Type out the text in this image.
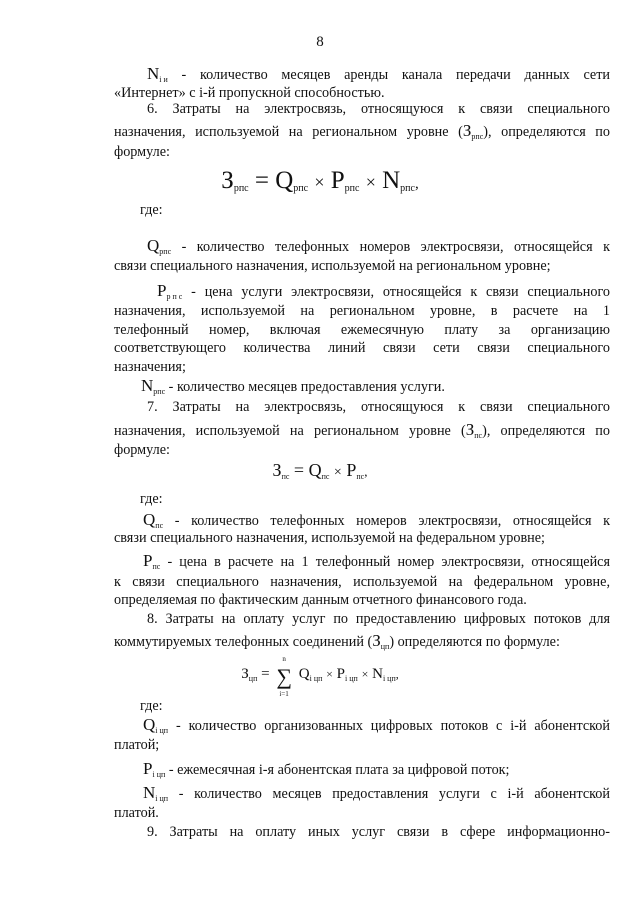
8
$N_{i и}$ - количество месяцев аренды канала передачи данных сети
«Интернет» с i-й пропускной способностью.
6. Затраты на электросвязь, относящуюся к связи специального
назначения, используемой на региональном уровне $(З_{рпс})$, определяются по
формуле:
$З_{рпс} = Q_{рпс} \times P_{рпс} \times N_{рпс}$,
где:
$Q_{рпс}$ - количество телефонных номеров электросвязи, относящейся к
связи специального назначения, используемой на региональном уровне;
$P_{р п с}$ - цена услуги электросвязи, относящейся к связи специального
назначения, используемой на региональном уровне, в расчете на 1
телефонный номер, включая ежемесячную плату за организацию
соответствующего количества линий связи сети связи специального
назначения;
$N_{рпс}$ - количество месяцев предоставления услуги.
7. Затраты на электросвязь, относящуюся к связи специального
назначения, используемой на региональном уровне $(З_{пс})$, определяются по
формуле:
$З_{пс} = Q_{пс} \times P_{пс}$,
где:
$Q_{пс}$ - количество телефонных номеров электросвязи, относящейся к
связи специального назначения, используемой на федеральном уровне;
$P_{пс}$ - цена в расчете на 1 телефонный номер электросвязи, относящейся
к связи специального назначения, используемой на федеральном уровне,
определяемая по фактическим данным отчетного финансового года.
8. Затраты на оплату услуг по предоставлению цифровых потоков для
коммутируемых телефонных соединений $(З_{цп})$ определяются по формуле:
$З_{цп}$ =
n
∑
i=1
$Q_{i цп} \times P_{i цп} \times N_{i цп}$,
где:
$Q_{i цп}$ - количество организованных цифровых потоков с i-й абонентской
платой;
$P_{i цп}$ - ежемесячная i-я абонентская плата за цифровой поток;
$N_{i цп}$ - количество месяцев предоставления услуги с i-й абонентской
платой.
9. Затраты на оплату иных услуг связи в сфере информационно-
